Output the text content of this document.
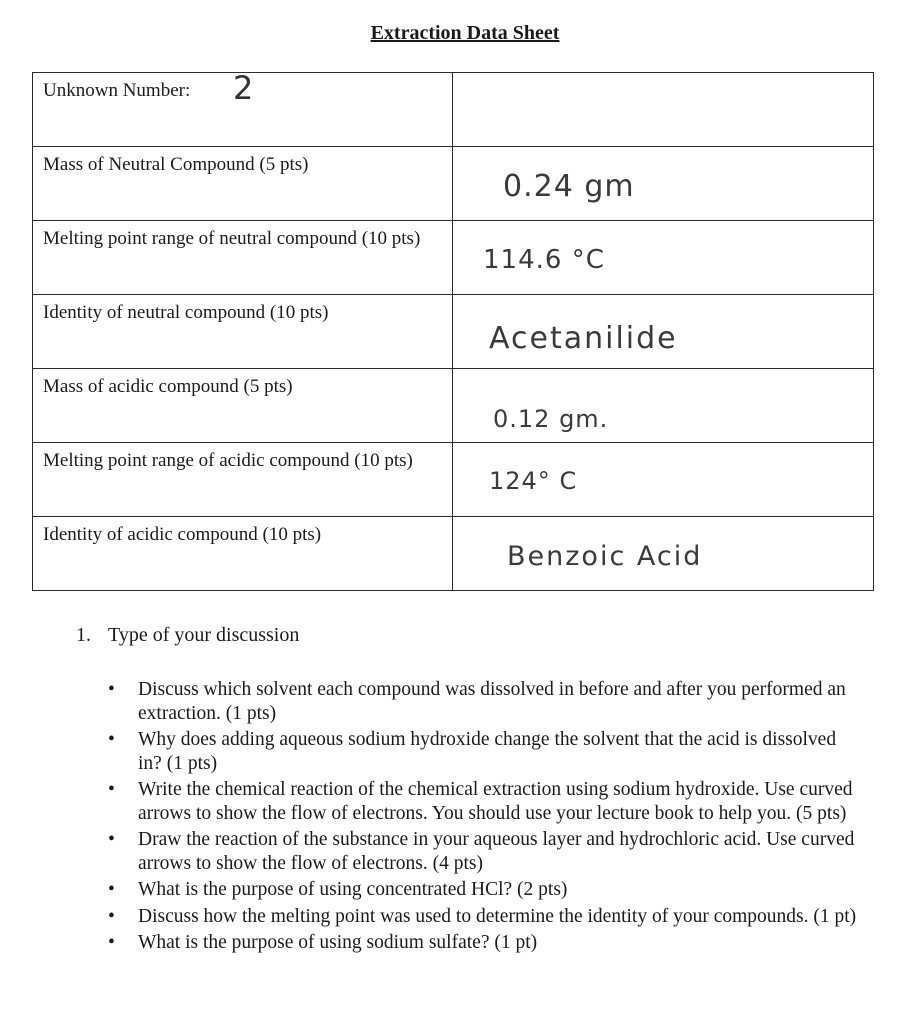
Extraction Data Sheet
Unknown Number: 2	

Mass of Neutral Compound (5 pts)	0.24 gm

Melting point range of neutral compound (10 pts)	114.6 °C

Identity of neutral compound (10 pts)	Acetanilide

Mass of acidic compound (5 pts)	0.12 gm.

Melting point range of acidic compound (10 pts)	124° C

Identity of acidic compound (10 pts)	Benzoic Acid
1. Type of your discussion
• Discuss which solvent each compound was dissolved in before and after you performed an extraction. (1 pts)
• Why does adding aqueous sodium hydroxide change the solvent that the acid is dissolved in? (1 pts)
• Write the chemical reaction of the chemical extraction using sodium hydroxide. Use curved arrows to show the flow of electrons. You should use your lecture book to help you. (5 pts)
• Draw the reaction of the substance in your aqueous layer and hydrochloric acid. Use curved arrows to show the flow of electrons. (4 pts)
• What is the purpose of using concentrated HCl? (2 pts)
• Discuss how the melting point was used to determine the identity of your compounds. (1 pt)
• What is the purpose of using sodium sulfate? (1 pt)
